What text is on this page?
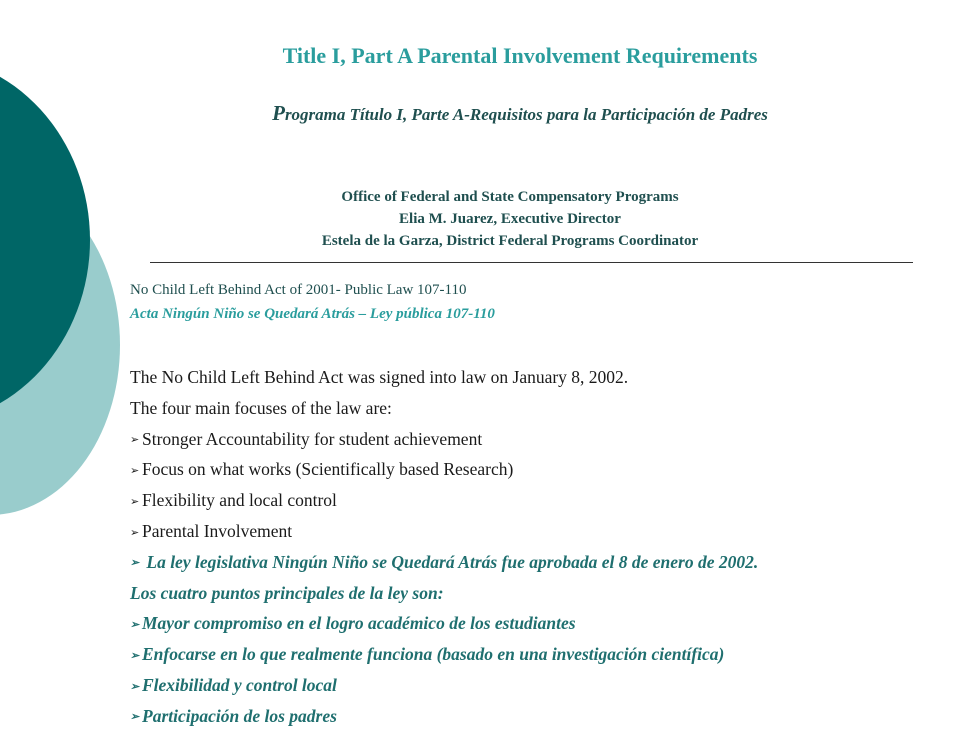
Title I, Part A Parental Involvement Requirements
Programa Título I, Parte A-Requisitos para la Participación de Padres
Office of Federal and State Compensatory Programs
Elia M. Juarez, Executive Director
Estela de la Garza, District Federal Programs Coordinator
No Child Left Behind Act of 2001- Public Law 107-110
Acta Ningún Niño se Quedará Atrás – Ley pública 107-110
The No Child Left Behind Act was signed into law on January 8, 2002.
The four main focuses of the law are:
➢ Stronger Accountability for student achievement
➢ Focus on what works (Scientifically based Research)
➢ Flexibility and local control
➢ Parental Involvement
➢ La ley legislativa Ningún Niño se Quedará Atrás fue aprobada el 8 de enero de 2002.
Los cuatro puntos principales de la ley son:
➢ Mayor compromiso en el logro académico de los estudiantes
➢ Enfocarse en lo que realmente funciona (basado en una investigación científica)
➢ Flexibilidad y control local
➢ Participación de los padres
